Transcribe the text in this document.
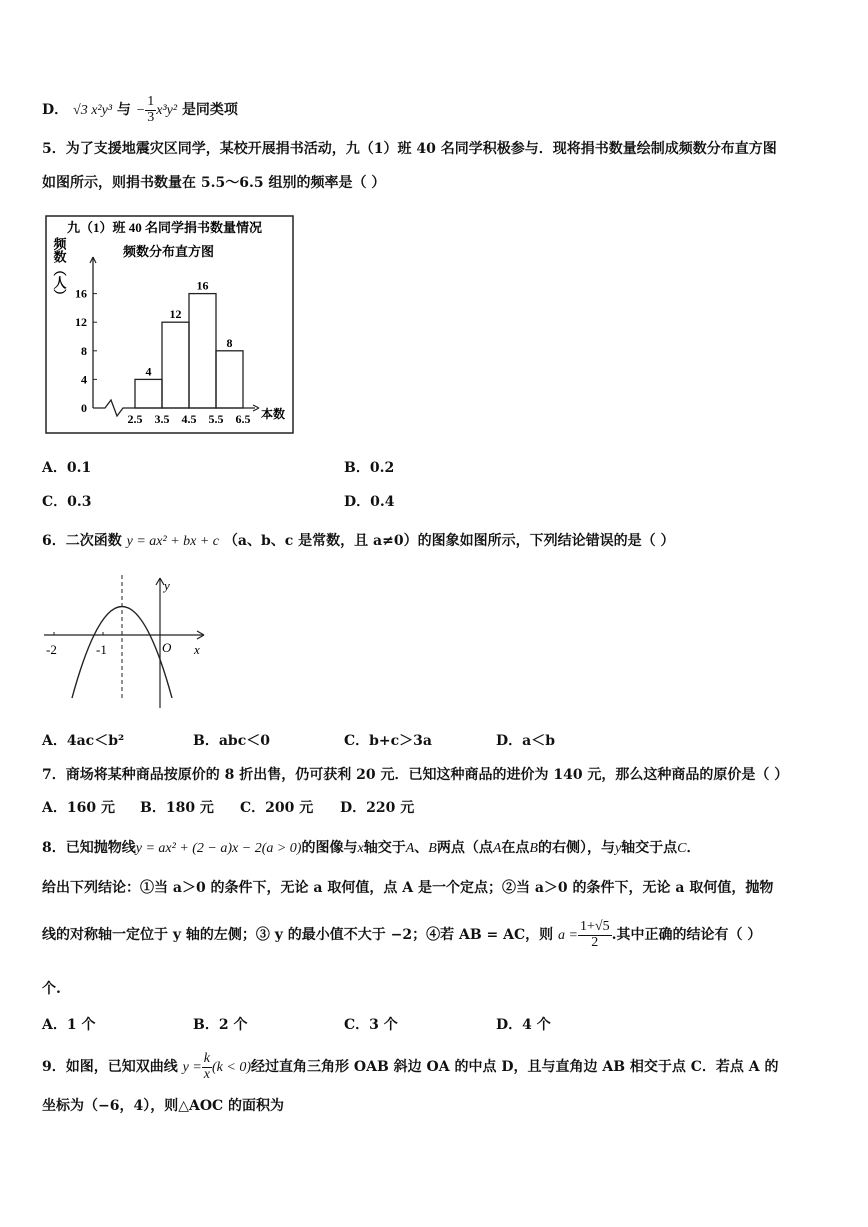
D． √3 x²y³ 与 − $\frac{1}{3} x^3y^2$ 是同类项
5．为了支援地震灾区同学，某校开展捐书活动，九（1）班 40 名同学积极参与．现将捐书数量绘制成频数分布直方图
如图所示，则捐书数量在 5.5～6.5 组别的频率是（ ）
九（1）班 40 名同学捐书数量情况
频数分布直方图
频数（人）
0
4
8
12
16
4
12
16
8
2.5 3.5 4.5 5.5 6.5 本数
A．0.1	B．0.2
C．0.3	D．0.4
6．二次函数 y = ax² + bx + c （a、b、c 是常数，且 a≠0）的图象如图所示，下列结论错误的是（ ）
-2	-1	O x
y
A．4ac＜b²	B．abc＜0	C．b+c＞3a	D．a＜b
7．商场将某种商品按原价的 8 折出售，仍可获利 20 元．已知这种商品的进价为 140 元，那么这种商品的原价是（ ）
A．160 元 B．180 元 C．200 元 D．220 元
8．已知抛物线y = ax² + (2 − a)x − 2(a > 0)的图像与x轴交于A、B两点（点A在点B的右侧），与y轴交于点C．
给出下列结论：①当 a＞0 的条件下，无论 a 取何值，点 A 是一个定点；②当 a＞0 的条件下，无论 a 取何值，抛物
线的对称轴一定位于 y 轴的左侧；③ y 的最小值不大于 −2；④若 AB = AC，则 $a = \frac{1+√5}{2}$ .其中正确的结论有（ ）
个.
A．1 个	B．2 个	C．3 个	D．4 个
9．如图，已知双曲线 $y = \frac{k}{x} (k < 0)$经过直角三角形 OAB 斜边 OA 的中点 D，且与直角边 AB 相交于点 C．若点 A 的
坐标为（−6，4），则△AOC 的面积为
